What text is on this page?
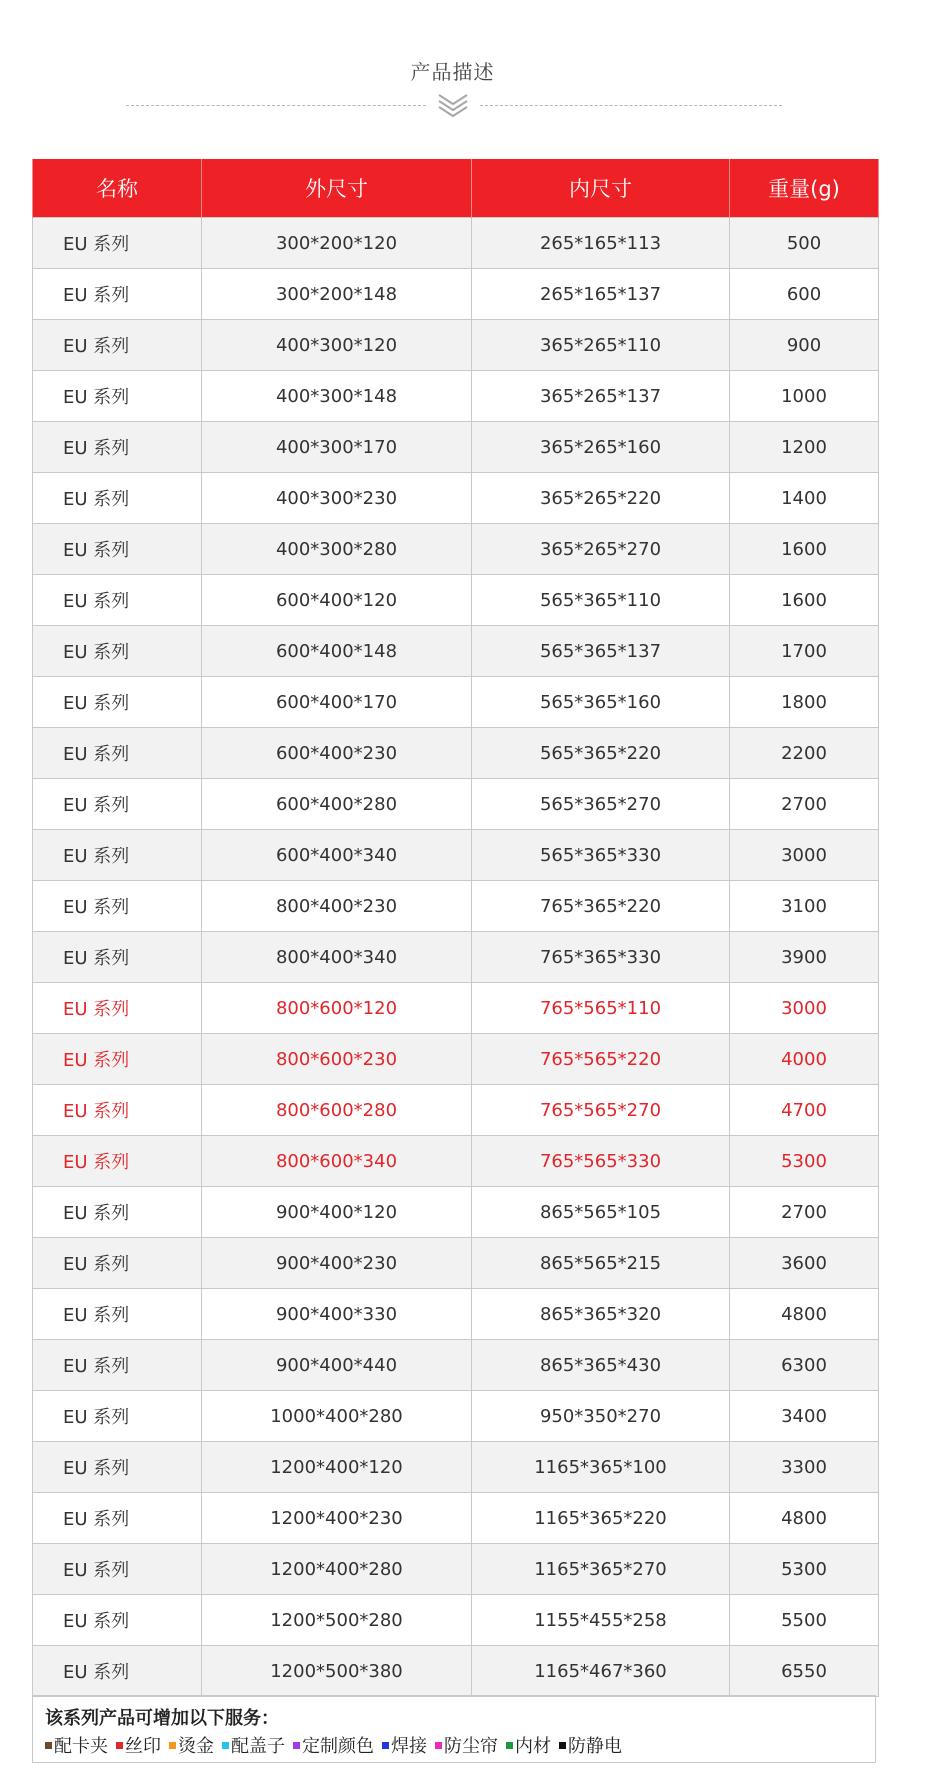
产品描述
名称	外尺寸	内尺寸	重量(g)
EU 系列	300*200*120	265*165*113	500
EU 系列	300*200*148	265*165*137	600
EU 系列	400*300*120	365*265*110	900
EU 系列	400*300*148	365*265*137	1000
EU 系列	400*300*170	365*265*160	1200
EU 系列	400*300*230	365*265*220	1400
EU 系列	400*300*280	365*265*270	1600
EU 系列	600*400*120	565*365*110	1600
EU 系列	600*400*148	565*365*137	1700
EU 系列	600*400*170	565*365*160	1800
EU 系列	600*400*230	565*365*220	2200
EU 系列	600*400*280	565*365*270	2700
EU 系列	600*400*340	565*365*330	3000
EU 系列	800*400*230	765*365*220	3100
EU 系列	800*400*340	765*365*330	3900
EU 系列	800*600*120	765*565*110	3000
EU 系列	800*600*230	765*565*220	4000
EU 系列	800*600*280	765*565*270	4700
EU 系列	800*600*340	765*565*330	5300
EU 系列	900*400*120	865*565*105	2700
EU 系列	900*400*230	865*565*215	3600
EU 系列	900*400*330	865*365*320	4800
EU 系列	900*400*440	865*365*430	6300
EU 系列	1000*400*280	950*350*270	3400
EU 系列	1200*400*120	1165*365*100	3300
EU 系列	1200*400*230	1165*365*220	4800
EU 系列	1200*400*280	1165*365*270	5300
EU 系列	1200*500*280	1155*455*258	5500
EU 系列	1200*500*380	1165*467*360	6550
该系列产品可增加以下服务：
配卡夹 丝印 烫金 配盖子 定制颜色 焊接 防尘帘 内材 防静电
